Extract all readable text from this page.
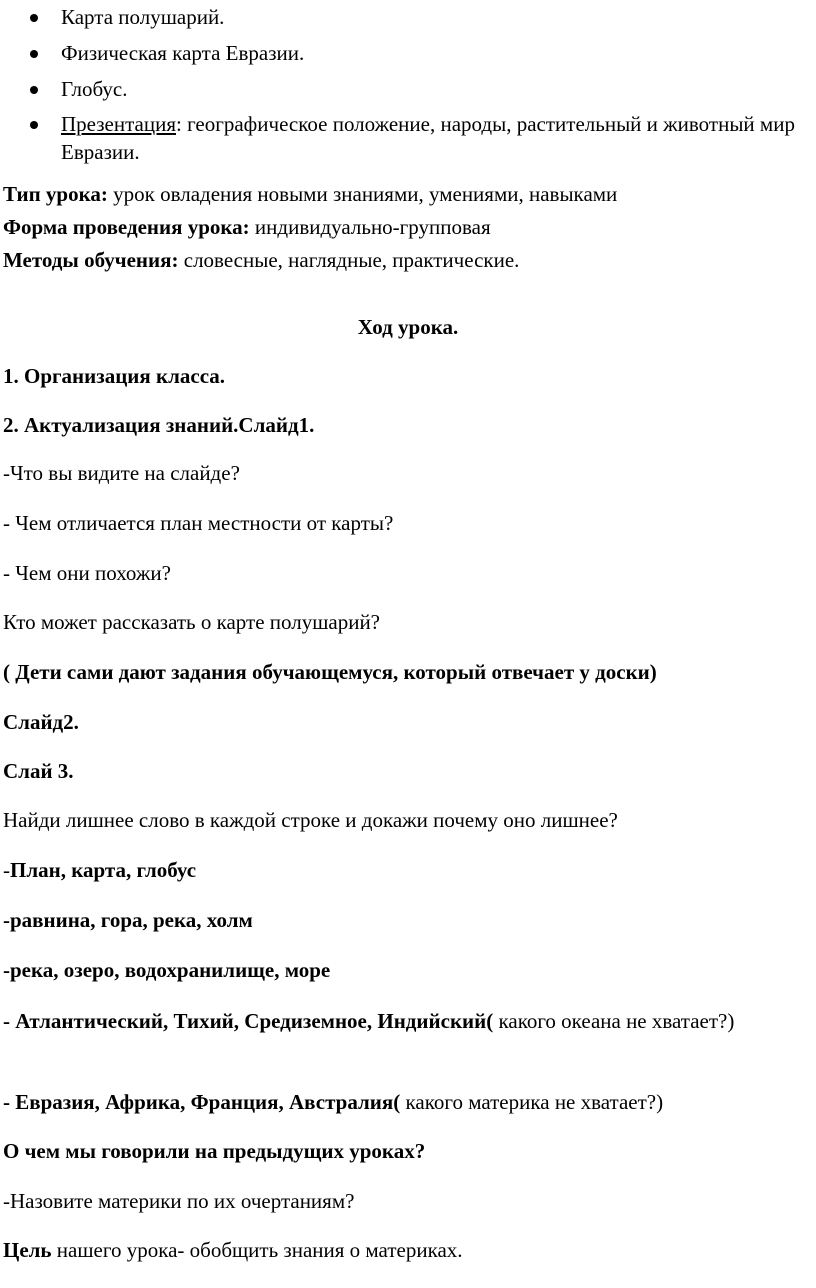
Карта полушарий.
Физическая карта Евразии.
Глобус.
Презентация: географическое положение, народы, растительный и животный мир Евразии.
Тип урока: урок овладения новыми знаниями, умениями, навыками
Форма проведения урока: индивидуально-групповая
Методы обучения: словесные, наглядные, практические.
Ход урока.
1. Организация класса.
2. Актуализация знаний.Слайд1.
-Что вы видите на слайде?
- Чем отличается план местности от карты?
- Чем они похожи?
Кто может рассказать о карте полушарий?
( Дети сами дают задания обучающемуся, который отвечает у доски)
Слайд2.
Слай 3.
Найди лишнее слово в каждой строке и докажи почему оно лишнее?
-План, карта, глобус
-равнина, гора, река, холм
-река, озеро, водохранилище, море
- Атлантический, Тихий, Средиземное, Индийский( какого океана не хватает?)
- Евразия, Африка, Франция, Австралия( какого материка не хватает?)
О чем мы говорили на предыдущих уроках?
-Назовите материки по их очертаниям?
Цель нашего урока- обобщить знания о материках.
